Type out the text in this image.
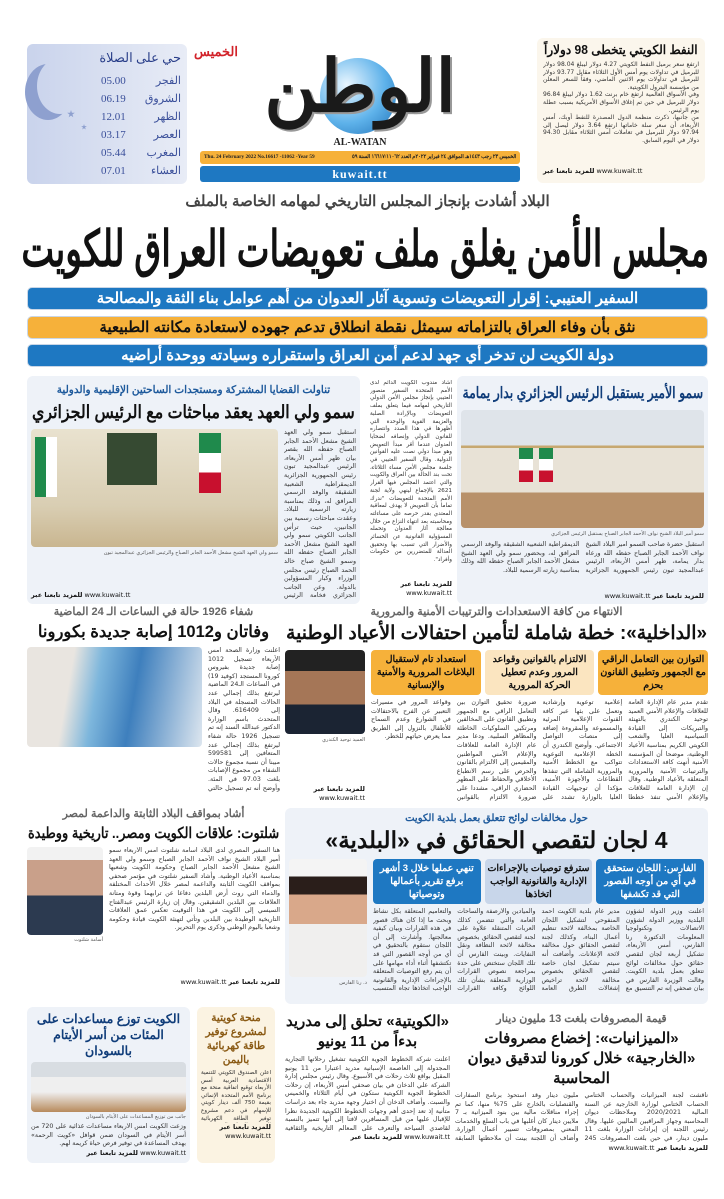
حي على الصلاة
الفجر
05.00
الشروق
06.19
الظهر
12.01
العصر
03.17
المغرب
05.44
العشاء
07.01
الوطن
AL-WATAN
الخميس
Thu. 24 February 2022 No.16617 -11062 -Year 59	الخميس ٢٣ رجب ١٤٤٣هـ الموافق ٢٤ فبراير ٢٠٢٢م العدد ١٦٦١٧/١١٠٦٢ السنة ٥٩
kuwait.tt
النفط الكويتي يتخطى 98 دولاراً

ارتفع سعر برميل النفط الكويتي 4.27 دولار ليبلغ 98.04 دولار للبرميل في تداولات يوم أمس الأول الثلاثاء مقابل 93.77 دولار للبرميل في تداولات يوم الاثنين الماضي، وفقاً للسعر المعلن من مؤسسة البترول الكويتية.

وفي الأسواق العالمية ارتفع خام برنت 1.62 دولار ليبلغ 96.84 دولار للبرميل في حين تم إغلاق الأسواق الأمريكية بسبب عطلة يوم الرئيس.

من جانبها، ذكرت منظمة الدول المصدرة للنفط أوبك، أمس الأربعاء، أن سعر سلة خاماتها ارتفع 3.64 دولار ليصل إلى 97.94 دولار للبرميل في تعاملات أمس الثلاثاء مقابل 94.30 دولار في اليوم السابق.

www.kuwait.tt للمزيد تابعنا عبر
البلاد أشادت بإنجاز المجلس التاريخي لمهامه الخاصة بالملف
مجلس الأمن يغلق ملف تعويضات العراق للكويت
السفير العتيبي: إقرار التعويضات وتسوية آثار العدوان من أهم عوامل بناء الثقة والمصالحة
نثق بأن وفاء العراق بالتزاماته سيمثل نقطة انطلاق تدعم جهوده لاستعادة مكانته الطبيعية
دولة الكويت لن تدخر أي جهد لدعم أمن العراق واستقراره وسيادته ووحدة أراضيه
سمو الأمير يستقبل الرئيس الجزائري بدار يمامة
سمو أمير البلاد الشيخ نواف الأحمد الجابر الصباح يستقبل الرئيس الجزائري
استقبل حضرة صاحب السمو أمير البلاد الشيخ نواف الأحمد الجابر الصباح حفظه الله ورعاه بدار يمامة، ظهر أمس الأربعاء، الرئيس عبدالمجيد تبون رئيس الجمهورية الجزائرية الديمقراطية الشعبية الشقيقة والوفد الرسمي المرافق له، وبحضور سمو ولي العهد الشيخ مشعل الأحمد الجابر الصباح حفظه الله وذلك بمناسبة زيارته الرسمية للبلاد.
للمزيد تابعنا عبر www.kuwait.tt
أشاد مندوب الكويت الدائم لدى الأمم المتحدة السفير منصور العتيبي بإنجاز مجلس الأمن الدولي التاريخي لمهامه فيما يتعلق بملف التعويضات وبالإرادة الصلبة والعزيمة القوية والوحدة التي أظهرها في هذا الصدد وانتصاره للقانون الدولي وإنصافه لضحايا العدوان عندما أقر مبدأ التعويض وهو مبدأ دولي نصت عليه القوانين الدولية. وقال السفير العتيبي في جلسة مجلس الأمن مساء الثلاثاء، تحت بند الحالة بين العراق والكويت والتي اعتمد المجلس فيها القرار 2621 بالإجماع لينهي ولاية لجنة الأمم المتحدة للتعويضات "ندرك تماما بأن التعويض لا يهدف لمعاقبة المعتدي بقدر حرصه على مساءلته ومحاسبته بعد انتهاء النزاع من خلال معالجة آثار العدوان وتحمله المسؤولية القانونية عن الخسائر والأضرار التي تسبب بها وتحقيق العدالة للمتضررين من حكومات وأفراد".
للمزيد تابعنا عبر
www.kuwait.tt
تناولت القضايا المشتركة ومستجدات الساحتين الإقليمية والدولية
سمو ولي العهد يعقد مباحثات مع الرئيس الجزائري
استقبل سمو ولي العهد الشيخ مشعل الأحمد الجابر الصباح حفظه الله بقصر بيان ظهر أمس الأربعاء، الرئيس عبدالمجيد تبون رئيس الجمهورية الجزائرية الديمقراطية الشعبية الشقيقة والوفد الرسمي المرافق له، وذلك بمناسبة زيارته الرسمية للبلاد. وعقدت مباحثات رسمية بين الجانبين، حيث ترأس الجانب الكويتي سمو ولي العهد الشيخ مشعل الأحمد الجابر الصباح حفظه الله وسمو الشيخ صباح خالد الحمد الصباح رئيس مجلس الوزراء وكبار المسؤولين بالدولة. وعن الجانب الجزائري فخامة الرئيس
سمو ولي العهد الشيخ مشعل الأحمد الجابر الصباح والرئيس الجزائري عبدالمجيد تبون
للمزيد تابعنا عبر www.kuwait.tt
شفاء 1926 حالة في الساعات الـ 24 الماضية
وفاتان و1012 إصابة جديدة بكورونا
أعلنت وزارة الصحة أمس الأربعاء تسجيل 1012 إصابة جديدة بفيروس كورونا المستجد (كوفيد 19) في الساعات الـ24 الماضية ليرتفع بذلك إجمالي عدد الحالات المسجلة في البلاد إلى 616409. وقال المتحدث باسم الوزارة الدكتور عبدالله السند إنه تم تسجيل 1926 حالة شفاء ليرتفع بذلك إجمالي عدد المتعافين إلى 599581 مبينا أن نسبة مجموع حالات الشفاء من مجموع الإصابات بلغت 97.03 في المئة. وأوضح أنه تم تسجيل حالتي
الانتهاء من كافة الاستعدادات والترتيبات الأمنية والمرورية
«الداخلية»: خطة شاملة لتأمين احتفالات الأعياد الوطنية
التوازن بين التعامل الراقي مع الجمهور وتطبيق القانون بحزم
الالتزام بالقوانين وقواعد المرور وعدم تعطيل الحركة المرورية
استعداد تام لاستقبال البلاغات المرورية والأمنية والإنسانية
تقدم مدير عام الإدارة العامة للعلاقات والإعلام الأمني العميد توحيد الكندري بالتهنئة والتبريكات إلى القيادة السياسية العليا والشعب الكويتي الكريم بمناسبة الأعياد الوطنية، موضحا أن المؤسسة الأمنية أنهت كافة الاستعدادات والترتيبات الأمنية والمرورية المتعلقة بالأعياد الوطنية. وقال إن الإدارة العامة للعلاقات والإعلام الأمني تنفذ خططا إعلامية توعوية وإرشادية وتعمل على بثها عبر كافة القنوات الإعلامية المرئية والمسموعة والمقروءة إضافة إلى منصات التواصل الاجتماعي. وأوضح الكندري أن الخطة الإعلامية التوعوية تتواكب مع الخطط الأمنية والمرورية الشاملة التي تنفذها القطاعات والأجهزة الأمنية، مؤكدا أن توجيهات القيادة العليا بالوزارة تشدد على ضرورة تحقيق التوازن بين التعامل الراقي مع الجمهور وتطبيق القانون على المخالفين ومرتكبي السلوكيات الخاطئة والمظاهر السلبية. ودعا مدير عام الإدارة العامة للعلاقات والإعلام الأمني المواطنين والمقيمين إلى الالتزام بالقانون والحرص على رسم الانطباع الأخلاقي والحفاظ على المظهر الحضاري الراقي، مشددا على ضرورة الالتزام بالقوانين وقواعد المرور في مسيرات التعبير عن الفرح بالاحتفالات في الشوارع وعدم السماح للأطفال بالنزول إلى الطريق مما يعرض حياتهم للخطر.
العميد توحيد الكندري
للمزيد تابعنا عبر
www.kuwait.tt
أشاد بمواقف البلاد الثابتة والداعمة لمصر
شلتوت: علاقات الكويت ومصر.. تاريخية ووطيدة
هنأ السفير المصري لدى البلاد أسامة شلتوت أمس الأربعاء سمو أمير البلاد الشيخ نواف الأحمد الجابر الصباح وسمو ولي العهد الشيخ مشعل الأحمد الجابر الصباح وحكومة الكويت وشعبها بمناسبة الأعياد الوطنية. وأشاد السفير شلتوت في مؤتمر صحفي بمواقف الكويت الثابتة والداعمة لمصر خلال الأحداث المختلفة والدماء التي روت أرض البلدين دفاعا عن ترابهما وقوة ومتانة العلاقات بين البلدين الشقيقين. وقال إن زيارة الرئيس عبدالفتاح السيسي إلى الكويت في هذا التوقيت تعكس عمق العلاقات التاريخية الوطيدة بين البلدين وتأتي لتهنئة الكويت قيادة وحكومة وشعبا باليوم الوطني وذكرى يوم التحرير.
أسامة شلتوت
للمزيد تابعنا عبر www.kuwait.tt
حول مخالفات لوائح تتعلق بعمل بلدية الكويت
4 لجان لتقصي الحقائق في «البلدية»
الفارس: اللجان ستحقق في أي من أوجه القصور التي قد تكشفها
سترفع توصيات بالإجراءات الإدارية والقانونية الواجب اتخاذها
تنهي عملها خلال 3 أشهر برفع تقرير بأعمالها وتوصياتها
أعلنت وزير الدولة لشؤون البلدية ووزير الدولة لشؤون الاتصالات وتكنولوجيا المعلومات الدكتورة رنا الفارس، أمس الأربعاء، تشكيل أربعة لجان لتقصي حقائق حول مخالفات لوائح تتعلق بعمل بلدية الكويت. وقالت الوزيرة الفارس في بيان صحفي إنه تم التنسيق مع مدير عام بلدية الكويت أحمد المنفوحي لتشكيل اللجان الخاصة بمخالفة لائحة تنظيم أعمال البناء، وكذلك لجنة لتقصي الحقائق حول مخالفة لائحة الإعلانات. وأضافت أنه سيتم تشكيل لجان خاصة لتقصي الحقائق بخصوص مخالفة لائحة تراخيص إشغالات الطرق العامة والميادين والأرصفة والساحات العامة والتي تتضمن كذلك العربات المتنقلة علاوة على لجنة لتقصي الحقائق بخصوص مخالفة لائحة النظافة ونقل النفايات. وبينت الفارس أن تلك اللجان ستختص على حدة بمراجعة نصوص القرارات الوزارية المتعلقة بشأن تلك اللوائح وكافة القرارات والتعاميم المتعلقة بكل نشاط وبحث ما إذا كان هناك قصور في هذه القرارات وبيان كيفية معالجتها. وأشارت إلى أن اللجان ستقوم بالتحقيق في أي من أوجه القصور التي قد تكتشفها أثناء أداء مهامها على أن يتم رفع التوصيات المتعلقة بالإجراءات الإدارية والقانونية الواجب اتخاذها تجاه المتسبب
د. رنا الفارس
الكويت توزع مساعدات على المئات من أسر الأيتام بالسودان
جانب من توزيع المساعدات على الأيتام بالسودان
وزعت الكويت أمس الأربعاء مساعدات غذائية على 720 من أسر الأيتام في السودان ضمن قوافل «كويت الرحمة» بهدف المساعدة في توفير فرص حياة كريمة لهم.
www.kuwait.tt للمزيد تابعنا عبر
منحة كويتية لمشروع توفير طاقة كهربائية باليمن
أعلن الصندوق الكويتي للتنمية الاقتصادية العربية أمس الأربعاء توقيع اتفاقية منحة مع برنامج الأمم المتحدة الإنمائي بقيمة 750 ألف دينار كويتي للإسهام في دعم مشروع توفير الطاقة الكهربائية
للمزيد تابعنا عبر
www.kuwait.tt
«الكويتية» تحلق إلى مدريد بدءاً من 11 يونيو
أعلنت شركة الخطوط الجوية الكويتية تشغيل رحلاتها التجارية المجدولة إلى العاصمة الإسبانية مدريد اعتبارا من 11 يونيو المقبل بواقع ثلاث رحلات في الأسبوع. وقال رئيس مجلس إدارة الشركة علي الدخان في بيان صحفي أمس الأربعاء، إن رحلات الخطوط الجوية الكويتية ستكون في أيام الثلاثاء والخميس والسبت. وأضاف الدخان أن اختيار وجهة مدريد جاء بعد دراسات متأنية إذ تعد إحدى أهم وجهات الخطوط الكويتية الجديدة نظرا للإقبال عليها من قبل المسافرين لافتا إلى أنها تتميز بالنسبة لقاصدي السياحة والتعرف على المعالم التاريخية والثقافية
www.kuwait.tt للمزيد تابعنا عبر
قيمة المصروفات بلغت 13 مليون دينار
«الميزانيات»: إخضاع مصروفات «الخارجية» خلال كورونا لتدقيق ديوان المحاسبة
ناقشت لجنة الميزانيات والحساب الختامي الحساب الختامي لوزارة الخارجية عن السنة المالية 2020/2021 وملاحظات ديوان المحاسبة وجهاز المراقبين الماليين عليها. وقال رئيس اللجنة إن إيرادات الوزارة بلغت 11 مليون دينار، في حين بلغت المصروفات 245 مليون دينار وقد استحوذ برنامج السفارات والقنصليات بالخارج على 75% منها، كما تم إجراء مناقلات مالية بين بنود الميزانية بـ 7 ملايين دينار كان أغلبها في باب السلع والخدمات المعني بمصروفات تسيير أعمال الوزارة. وأضاف أن اللجنة بينت أن ملاحظتها السابقة
للمزيد تابعنا عبر www.kuwait.tt
